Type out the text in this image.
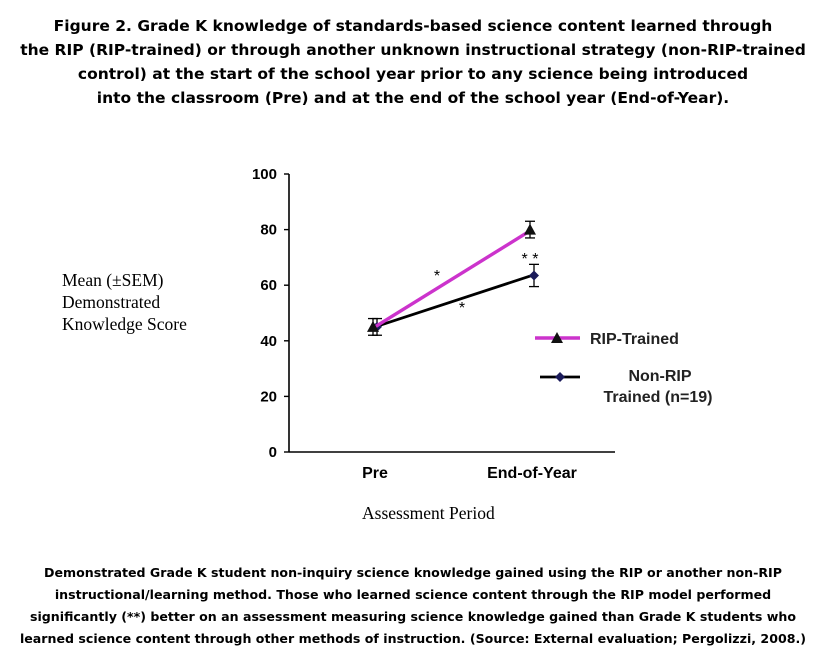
Figure 2. Grade K knowledge of standards-based science content learned through
the RIP (RIP-trained) or through another unknown instructional strategy (non-RIP-trained
control) at the start of the school year prior to any science being introduced
into the classroom (Pre) and at the end of the school year (End-of-Year).
Mean (±SEM)
Demonstrated
Knowledge Score
0
20
40
60
80
100
Pre	End-of-Year
*
*
* *
RIP-Trained
Non-RIP
Trained (n=19)
Assessment Period
Demonstrated Grade K student non-inquiry science knowledge gained using the RIP or another non-RIP
instructional/learning method. Those who learned science content through the RIP model performed
significantly (**) better on an assessment measuring science knowledge gained than Grade K students who
learned science content through other methods of instruction. (Source: External evaluation; Pergolizzi, 2008.)
